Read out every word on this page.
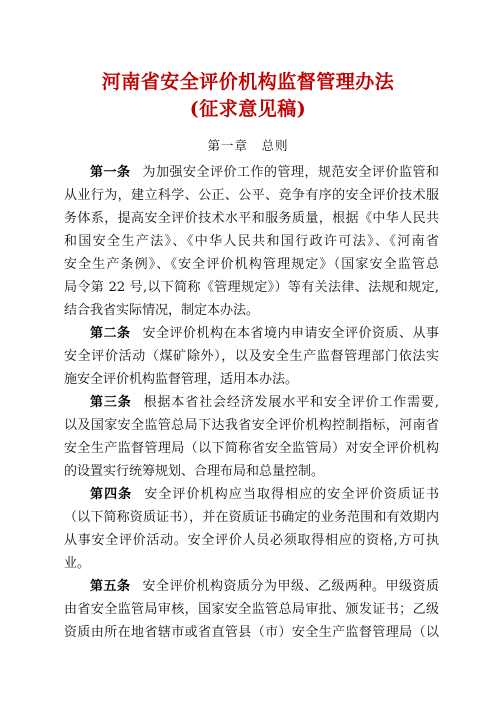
河南省安全评价机构监督管理办法
(征求意见稿)
第一章　总则
第一条 为加强安全评价工作的管理，规范安全评价监管和
从业行为，建立科学、公正、公平、竞争有序的安全评价技术服
务体系，提高安全评价技术水平和服务质量，根据《中华人民共
和国安全生产法》、《中华人民共和国行政许可法》、《河南省
安全生产条例》、《安全评价机构管理规定》（国家安全监管总
局令第 22 号,以下简称《管理规定》）等有关法律、法规和规定,
结合我省实际情况，制定本办法。
第二条 安全评价机构在本省境内申请安全评价资质、从事
安全评价活动（煤矿除外），以及安全生产监督管理部门依法实
施安全评价机构监督管理，适用本办法。
第三条 根据本省社会经济发展水平和安全评价工作需要,
以及国家安全监管总局下达我省安全评价机构控制指标，河南省
安全生产监督管理局（以下简称省安全监管局）对安全评价机构
的设置实行统筹规划、合理布局和总量控制。
第四条 安全评价机构应当取得相应的安全评价资质证书
（以下简称资质证书），并在资质证书确定的业务范围和有效期内
从事安全评价活动。安全评价人员必须取得相应的资格,方可执
业。
第五条 安全评价机构资质分为甲级、乙级两种。甲级资质
由省安全监管局审核，国家安全监管总局审批、颁发证书；乙级
资质由所在地省辖市或省直管县（市）安全生产监督管理局（以
